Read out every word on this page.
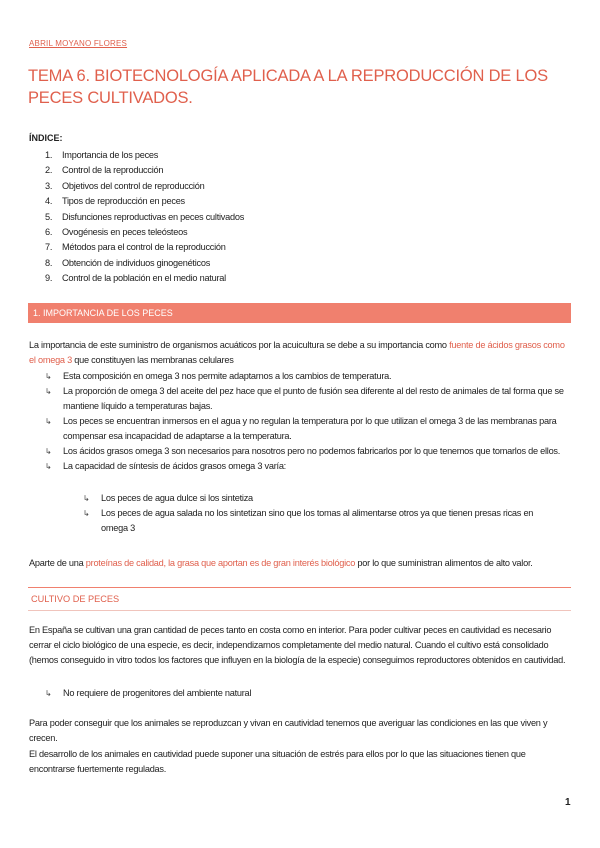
ABRIL MOYANO FLORES
TEMA 6. BIOTECNOLOGÍA APLICADA A LA REPRODUCCIÓN DE LOS PECES CULTIVADOS.
ÍNDICE:
1.	Importancia de los peces
2.	Control de la reproducción
3.	Objetivos del control de reproducción
4.	Tipos de reproducción en peces
5.	Disfunciones reproductivas en peces cultivados
6.	Ovogénesis en peces teleósteos
7.	Métodos para el control de la reproducción
8.	Obtención de individuos ginogenéticos
9.	Control de la población en el medio natural
1. IMPORTANCIA DE LOS PECES
La importancia de este suministro de organismos acuáticos por la acuicultura se debe a su importancia como fuente de ácidos grasos como el omega 3 que constituyen las membranas celulares
↳ Esta composición en omega 3 nos permite adaptarnos a los cambios de temperatura.
↳ La proporción de omega 3 del aceite del pez hace que el punto de fusión sea diferente al del resto de animales de tal forma que se mantiene líquido a temperaturas bajas.
↳ Los peces se encuentran inmersos en el agua y no regulan la temperatura por lo que utilizan el omega 3 de las membranas para compensar esa incapacidad de adaptarse a la temperatura.
↳ Los ácidos grasos omega 3 son necesarios para nosotros pero no podemos fabricarlos por lo que tenemos que tomarlos de ellos.
↳ La capacidad de síntesis de ácidos grasos omega 3 varía:
↳ Los peces de agua dulce si los sintetiza
↳ Los peces de agua salada no los sintetizan sino que los tomas al alimentarse otros ya que tienen presas ricas en omega 3
Aparte de una proteínas de calidad, la grasa que aportan es de gran interés biológico por lo que suministran alimentos de alto valor.
CULTIVO DE PECES
En España se cultivan una gran cantidad de peces tanto en costa como en interior. Para poder cultivar peces en cautividad es necesario cerrar el ciclo biológico de una especie, es decir, independizarnos completamente del medio natural. Cuando el cultivo está consolidado (hemos conseguido in vitro todos los factores que influyen en la biología de la especie) conseguimos reproductores obtenidos en cautividad.
↳ No requiere de progenitores del ambiente natural
Para poder conseguir que los animales se reproduzcan y vivan en cautividad tenemos que averiguar las condiciones en las que viven y crecen.
El desarrollo de los animales en cautividad puede suponer una situación de estrés para ellos por lo que las situaciones tienen que encontrarse fuertemente reguladas.
1
